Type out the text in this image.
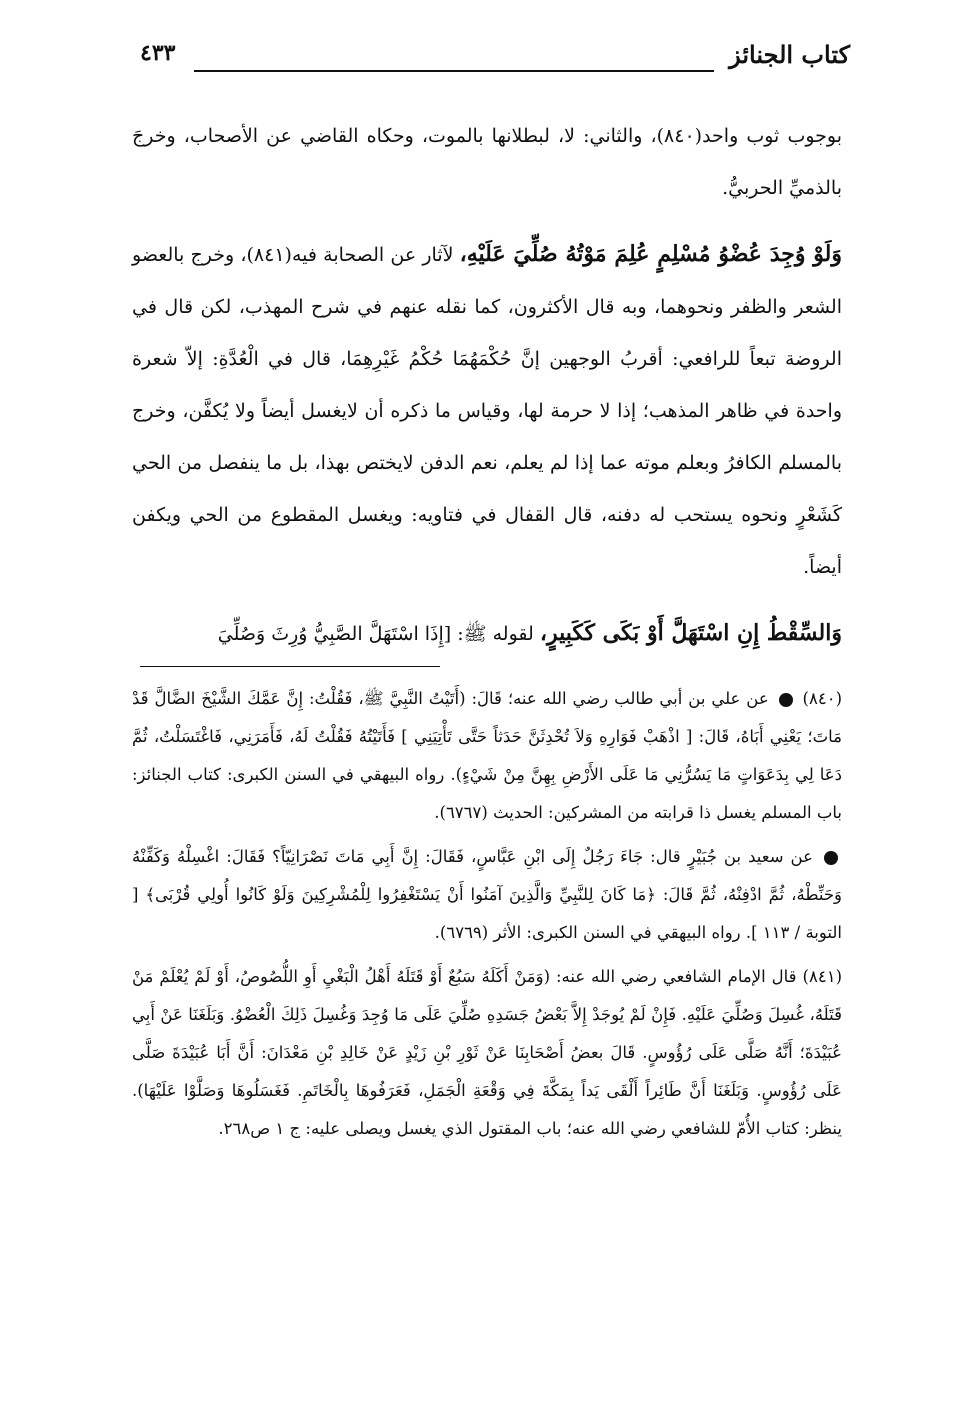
كتاب الجنائز
٤٣٣

بوجوب ثوب واحد(٨٤٠)، والثاني: لا، لبطلانها بالموت، وحكاه القاضي عن الأصحاب، وخرجَ بالذميِّ الحربيُّ.

وَلَوْ وُجِدَ عُضْوُ مُسْلِمٍ عُلِمَ مَوْتُهُ صُلِّيَ عَلَيْهِ، لآثار عن الصحابة فيه(٨٤١)، وخرج بالعضو الشعر والظفر ونحوهما، وبه قال الأكثرون، كما نقله عنهم في شرح المهذب، لكن قال في الروضة تبعاً للرافعي: أقربُ الوجهين إنَّ حُكْمَهُمَا حُكْمُ غَيْرِهِمَا، قال في الْعُدَّةِ: إلاّ شعرة واحدة في ظاهر المذهب؛ إذا لا حرمة لها، وقياس ما ذكره أن لايغسل أيضاً ولا يُكفَّن، وخرج بالمسلم الكافرُ وبعلم موته عما إذا لم يعلم، نعم الدفن لايختص بهذا، بل ما ينفصل من الحي كَشَعْرٍ ونحوه يستحب له دفنه، قال القفال في فتاويه: ويغسل المقطوع من الحي ويكفن أيضاً.

وَالسِّقْطُ إِنِ اسْتَهَلَّ أَوْ بَكَى كَكَبِيرٍ، لقوله ﷺ: [إِذَا اسْتَهَلَّ الصَّبِيُّ وُرِثَ وَصُلِّيَ

(٨٤٠)  عن علي بن أبي طالب رضي الله عنه؛ قَالَ: (أَتَيْتُ النَّبِيَّ ﷺ، فَقُلْتُ: إِنَّ عَمَّكَ الشَّيْخَ الضَّالَّ قَدْ مَاتَ؛ يَعْنِي أَبَاهُ، قَالَ: [ اذْهَبْ فَوَارِهِ وَلاَ تُحْدِثَنَّ حَدَثاً حَتَّى تَأْتِيَنِي ] فَأَتَيْتُهُ فَقُلْتُ لَهُ، فَأَمَرَنِي، فَاغْتَسَلْتُ، ثُمَّ دَعَا لِي بِدَعَوَاتٍ مَا يَسُرُّنِي مَا عَلَى الأَرْضِ بِهِنَّ مِنْ شَيْءٍ). رواه البيهقي في السنن الكبرى: كتاب الجنائز: باب المسلم يغسل ذا قرابته من المشركين: الحديث (٦٧٦٧).

عن سعيد بن جُبَيْرٍ قال: جَاءَ رَجُلٌ إِلَى ابْنِ عَبَّاسٍ، فَقَالَ: إِنَّ أَبِي مَاتَ نَصْرَانِيّاً؟ فَقَالَ: اغْسِلْهُ وَكَفِّنْهُ وَحَنِّطْهُ، ثُمَّ ادْفِنْهُ، ثُمَّ قَالَ: ﴿مَا كَانَ لِلنَّبِيِّ وَالَّذِينَ آمَنُوا أَنْ يَسْتَغْفِرُوا لِلْمُشْرِكِينَ وَلَوْ كَانُوا أُولِي قُرْبَى﴾ [ التوبة / ١١٣ ]. رواه البيهقي في السنن الكبرى: الأثر (٦٧٦٩).

(٨٤١) قال الإمام الشافعي رضي الله عنه: (وَمَنْ أَكَلَهُ سَبُعٌ أَوْ قَتَلَهُ أَهْلُ الْبَغْيِ أَوِ اللُّصُوصُ، أَوْ لَمْ يُعْلَمْ مَنْ قَتَلَهُ، غُسِلَ وَصُلِّيَ عَلَيْهِ. فَإِنْ لَمْ يُوجَدْ إِلاَّ بَعْضُ جَسَدِهِ صُلِّيَ عَلَى مَا وُجِدَ وَغُسِلَ ذَلِكَ الْعُضْوُ. وَبَلَغَنَا عَنْ أَبِي عُبَيْدَةَ؛ أَنَّهُ صَلَّى عَلَى رُؤُوسٍ. قَالَ بعضُ أَصْحَابِنَا عَنْ ثَوْرِ بْنِ زَيْدٍ عَنْ خَالِدِ بْنِ مَعْدَانَ: أَنَّ أَبَا عُبَيْدَةَ صَلَّى عَلَى رُؤُوسٍ. وَبَلَغَنَا أَنَّ طَائِراً أَلْقَى يَداً بِمَكَّةَ فِي وَقْعَةِ الْجَمَلِ، فَعَرَفُوهَا بِالْخَاتَمِ. فَغَسَلُوهَا وَصَلَّوْا عَلَيْهَا). ينظر: كتاب الأُمّ للشافعي رضي الله عنه؛ باب المقتول الذي يغسل ويصلى عليه: ج ١ ص٢٦٨.
